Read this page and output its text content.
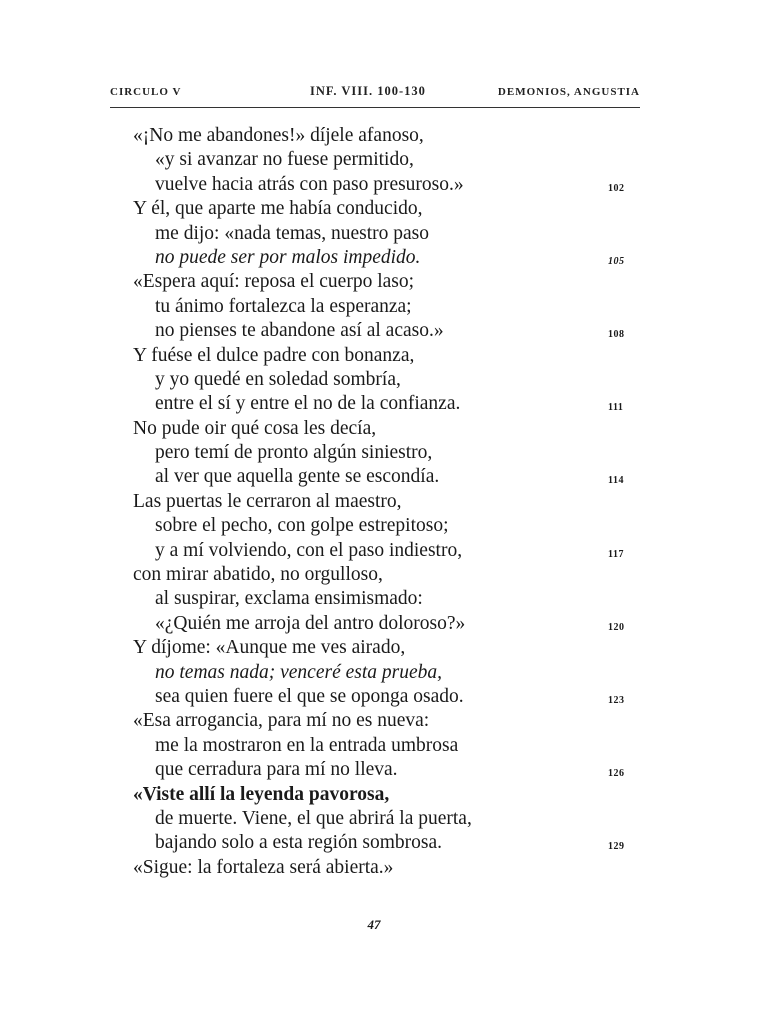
CIRCULO V	INF. VIII. 100-130	DEMONIOS, ANGUSTIA
«¡No me abandones!» díjele afanoso,
«y si avanzar no fuese permitido,
vuelve hacia atrás con paso presuroso.»	102
Y él, que aparte me había conducido,
me dijo: «nada temas, nuestro paso
no puede ser por malos impedido.	105
«Espera aquí: reposa el cuerpo laso;
tu ánimo fortalezca la esperanza;
no pienses te abandone así al acaso.»	108
Y fuése el dulce padre con bonanza,
y yo quedé en soledad sombría,
entre el sí y entre el no de la confianza.	111
No pude oir qué cosa les decía,
pero temí de pronto algún siniestro,
al ver que aquella gente se escondía.	114
Las puertas le cerraron al maestro,
sobre el pecho, con golpe estrepitoso;
y a mí volviendo, con el paso indiestro,	117
con mirar abatido, no orgulloso,
al suspirar, exclama ensimismado:
«¿Quién me arroja del antro doloroso?»	120
Y díjome: «Aunque me ves airado,
no temas nada; venceré esta prueba,
sea quien fuere el que se oponga osado.	123
«Esa arrogancia, para mí no es nueva:
me la mostraron en la entrada umbrosa
que cerradura para mí no lleva.	126
«Viste allí la leyenda pavorosa,
de muerte. Viene, el que abrirá la puerta,
bajando solo a esta región sombrosa.	129
«Sigue: la fortaleza será abierta.»
47
